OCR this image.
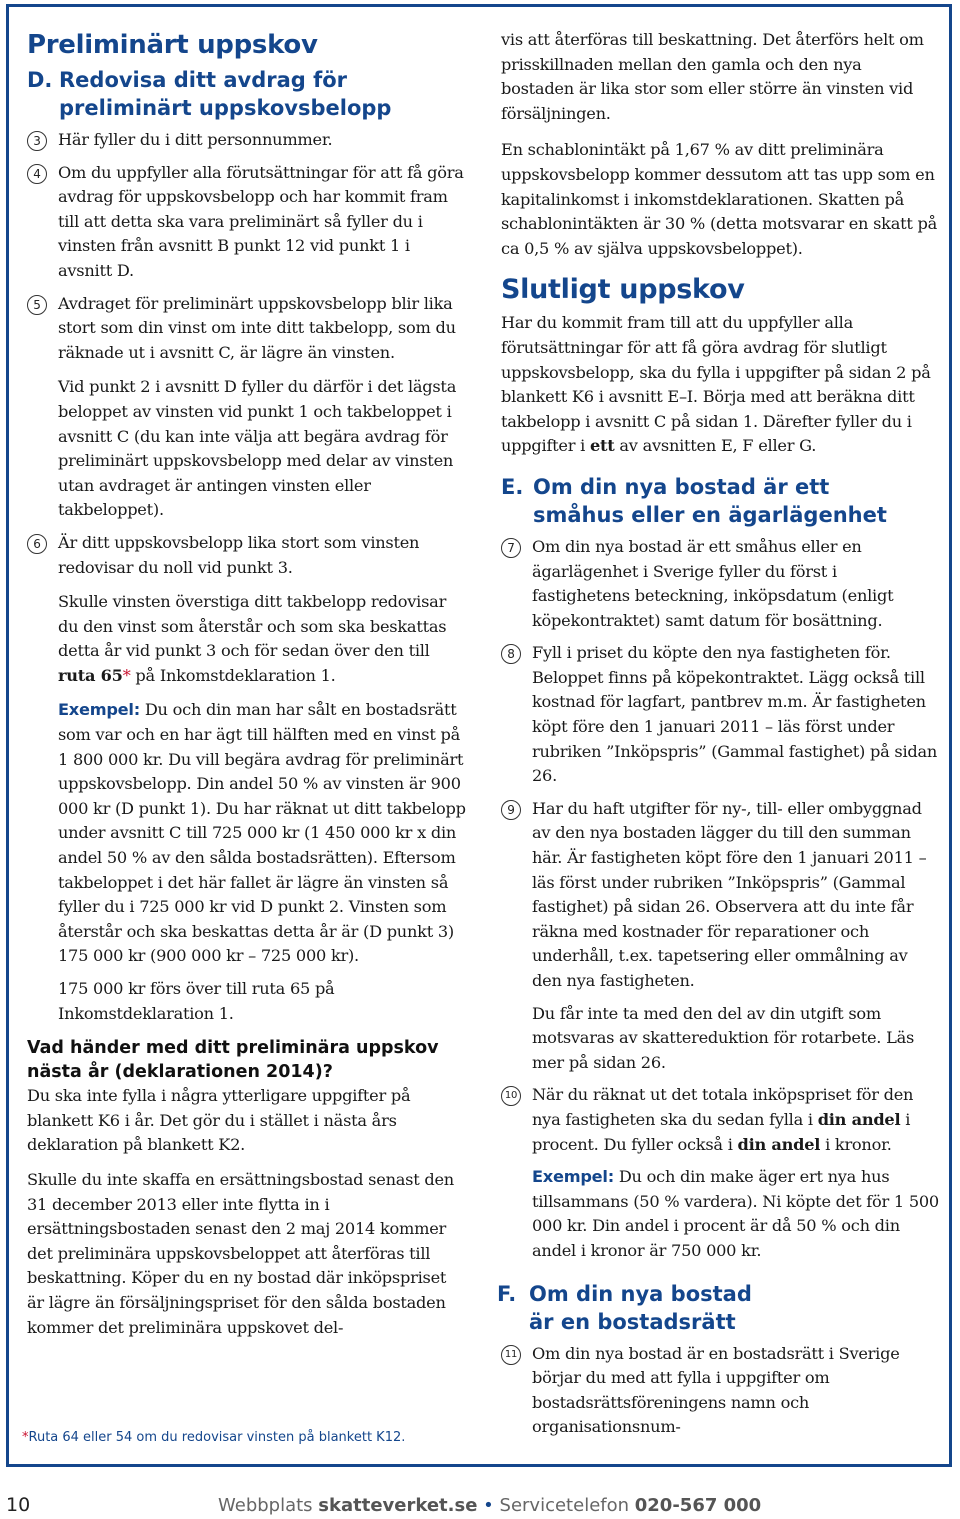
Preliminärt uppskov
D. Redovisa ditt avdrag för
preliminärt uppskovsbelopp
3	Här fyller du i ditt personnummer.
4	Om du uppfyller alla förutsättningar för att få göra avdrag för uppskovsbelopp och har kommit fram till att detta ska vara preliminärt så fyller du i vinsten från avsnitt B punkt 12 vid punkt 1 i avsnitt D.
5	Avdraget för preliminärt uppskovsbelopp blir lika stort som din vinst om inte ditt takbelopp, som du räknade ut i avsnitt C, är lägre än vinsten.

Vid punkt 2 i avsnitt D fyller du därför i det lägsta beloppet av vinsten vid punkt 1 och takbeloppet i avsnitt C (du kan inte välja att begära avdrag för preliminärt uppskovsbelopp med delar av vinsten utan avdraget är antingen vinsten eller takbeloppet).

6	Är ditt uppskovsbelopp lika stort som vinsten redovisar du noll vid punkt 3.

Skulle vinsten överstiga ditt takbelopp redovisar du den vinst som återstår och som ska beskattas detta år vid punkt 3 och för sedan över den till ruta 65* på Inkomstdeklaration 1.

Exempel: Du och din man har sålt en bostadsrätt som var och en har ägt till hälften med en vinst på 1 800 000 kr. Du vill begära avdrag för preliminärt uppskovsbelopp. Din andel 50 % av vinsten är 900 000 kr (D punkt 1). Du har räknat ut ditt takbelopp under avsnitt C till 725 000 kr (1 450 000 kr x din andel 50 % av den sålda bostadsrätten). Eftersom takbeloppet i det här fallet är lägre än vinsten så fyller du i 725 000 kr vid D punkt 2. Vinsten som återstår och ska beskattas detta år är (D punkt 3) 175 000 kr (900 000 kr – 725 000 kr).

175 000 kr förs över till ruta 65 på Inkomstdeklaration 1.

Vad händer med ditt preliminära uppskov nästa år (deklarationen 2014)?

Du ska inte fylla i några ytterligare uppgifter på blankett K6 i år. Det gör du i stället i nästa års deklaration på blankett K2.

Skulle du inte skaffa en ersättningsbostad senast den 31 december 2013 eller inte flytta in i ersättningsbostaden senast den 2 maj 2014 kommer det preliminära uppskovsbeloppet att återföras till beskattning. Köper du en ny bostad där inköpspriset är lägre än försäljningspriset för den sålda bostaden kommer det preliminära uppskovet del-

vis att återföras till beskattning. Det återförs helt om prisskillnaden mellan den gamla och den nya bostaden är lika stor som eller större än vinsten vid försäljningen.

En schablonintäkt på 1,67 % av ditt preliminära uppskovsbelopp kommer dessutom att tas upp som en kapitalinkomst i inkomstdeklarationen. Skatten på schablonintäkten är 30 % (detta motsvarar en skatt på ca 0,5 % av själva uppskovsbeloppet).

Slutligt uppskov

Har du kommit fram till att du uppfyller alla förutsättningar för att få göra avdrag för slutligt uppskovsbelopp, ska du fylla i uppgifter på sidan 2 på blankett K6 i avsnitt E–I. Börja med att beräkna ditt takbelopp i avsnitt C på sidan 1. Därefter fyller du i uppgifter i ett av avsnitten E, F eller G.

E. Om din nya bostad är ett
småhus eller en ägarlägenhet
7	Om din nya bostad är ett småhus eller en ägarlägenhet i Sverige fyller du först i fastighetens beteckning, inköpsdatum (enligt köpekontraktet) samt datum för bosättning.
8	Fyll i priset du köpte den nya fastigheten för. Beloppet finns på köpekontraktet. Lägg också till kostnad för lagfart, pantbrev m.m. Är fastigheten köpt före den 1 januari 2011 – läs först under rubriken ”Inköpspris” (Gammal fastighet) på sidan 26.
9	Har du haft utgifter för ny-, till- eller ombyggnad av den nya bostaden lägger du till den summan här. Är fastigheten köpt före den 1 januari 2011 – läs först under rubriken ”Inköpspris” (Gammal fastighet) på sidan 26. Observera att du inte får räkna med kostnader för reparationer och underhåll, t.ex. tapetsering eller ommålning av den nya fastigheten.

Du får inte ta med den del av din utgift som motsvaras av skattereduktion för rotarbete. Läs mer på sidan 26.

10 När du räknat ut det totala inköpspriset för den nya fastigheten ska du sedan fylla i din andel i procent. Du fyller också i din andel i kronor.

Exempel: Du och din make äger ert nya hus tillsammans (50 % vardera). Ni köpte det för 1 500 000 kr. Din andel i procent är då 50 % och din andel i kronor är 750 000 kr.

F. Om din nya bostad
är en bostadsrätt
11 Om din nya bostad är en bostadsrätt i Sverige börjar du med att fylla i uppgifter om bostadsrättsföreningens namn och organisationsnum-
*Ruta 64 eller 54 om du redovisar vinsten på blankett K12.
10	Webbplats skatteverket.se • Servicetelefon 020-567 000
